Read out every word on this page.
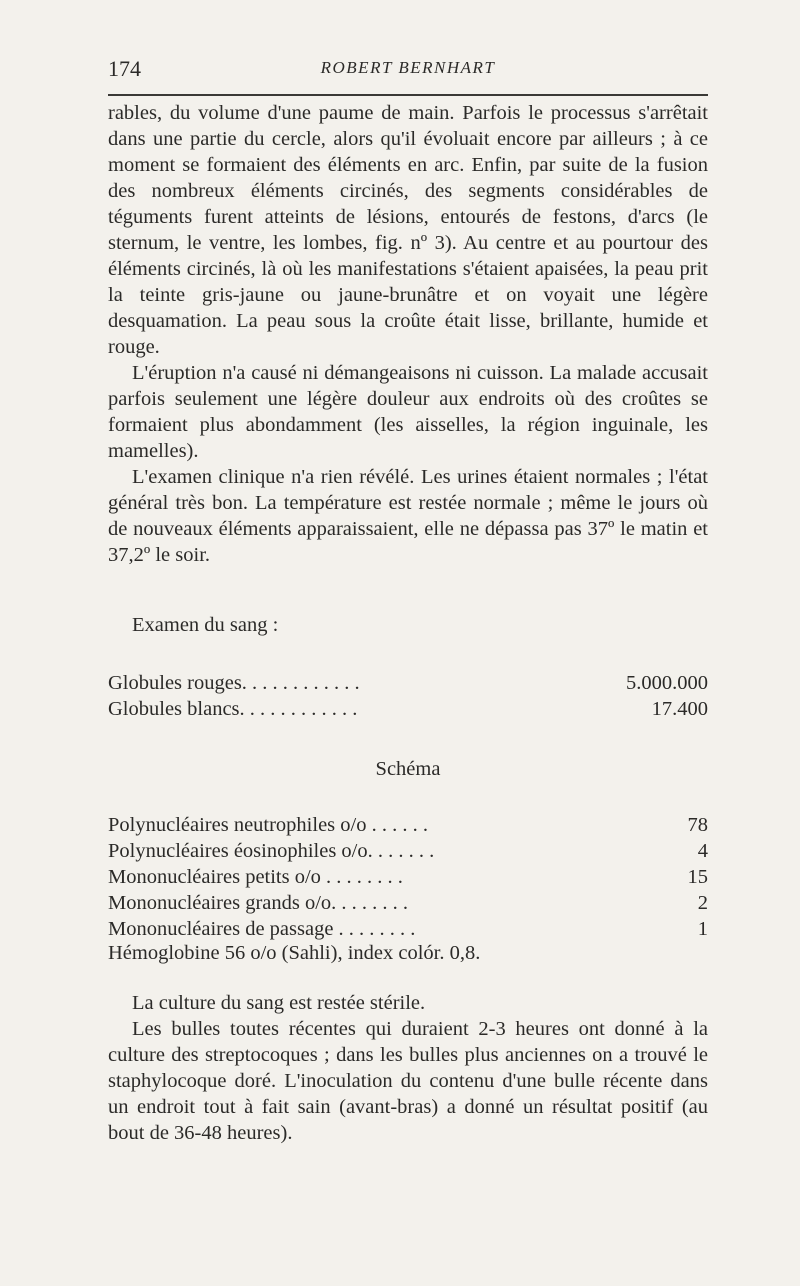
174	ROBERT BERNHART

rables, du volume d'une paume de main. Parfois le processus s'arrêtait dans une partie du cercle, alors qu'il évoluait encore par ailleurs ; à ce moment se formaient des éléments en arc. Enfin, par suite de la fusion des nombreux éléments circinés, des segments considérables de téguments furent atteints de lésions, entourés de festons, d'arcs (le sternum, le ventre, les lombes, fig. nº 3). Au centre et au pourtour des éléments circinés, là où les manifestations s'étaient apaisées, la peau prit la teinte gris-jaune ou jaune-brunâtre et on voyait une légère desquamation. La peau sous la croûte était lisse, brillante, humide et rouge.

L'éruption n'a causé ni démangeaisons ni cuisson. La malade accusait parfois seulement une légère douleur aux endroits où des croûtes se formaient plus abondamment (les aisselles, la région inguinale, les mamelles).

L'examen clinique n'a rien révélé. Les urines étaient normales ; l'état général très bon. La température est restée normale ; même le jours où de nouveaux éléments apparaissaient, elle ne dépassa pas 37º le matin et 37,2º le soir.

Examen du sang :
Globules rouges. . . . . . . . . . . .	5.000.000
Globules blancs. . . . . . . . . . . .	17.400
Schéma
Polynucléaires neutrophiles o/o . . . . . .	78
Polynucléaires éosinophiles o/o. . . . . . .	4
Mononucléaires petits o/o . . . . . . . .	15
Mononucléaires grands o/o. . . . . . . .	2
Mononucléaires de passage . . . . . . . .	1
Hémoglobine 56 o/o (Sahli), index colór. 0,8.

La culture du sang est restée stérile.

Les bulles toutes récentes qui duraient 2-3 heures ont donné à la culture des streptocoques ; dans les bulles plus anciennes on a trouvé le staphylocoque doré. L'inoculation du contenu d'une bulle récente dans un endroit tout à fait sain (avant-bras) a donné un résultat positif (au bout de 36-48 heures).
